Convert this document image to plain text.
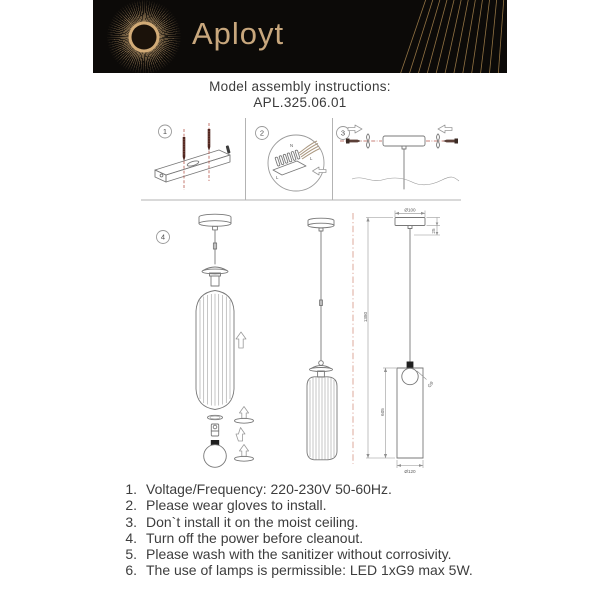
Aployt
Model assembly instructions:
APL.325.06.01
1	2
N
L
L
3
4
Ø100
25
1380
605
G9
Ø120
1. Voltage/Frequency: 220-230V 50-60Hz.
2. Please wear gloves to install.
3. Don`t install it on the moist ceiling.
4. Turn off the power before cleanout.
5. Please wash with the sanitizer without corrosivity.
6. The use of lamps is permissible: LED 1xG9 max 5W.
